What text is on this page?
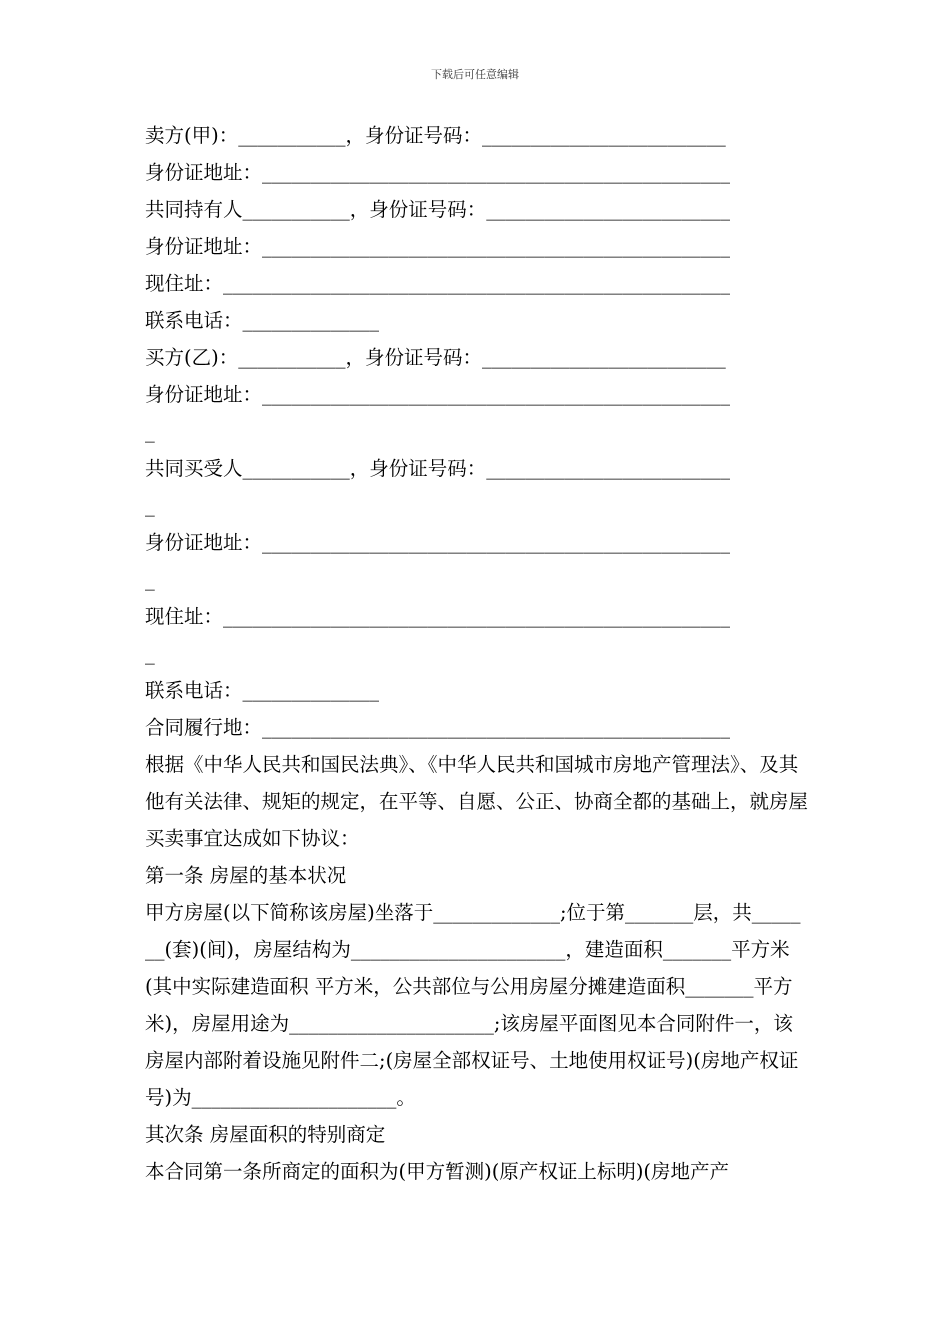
下载后可任意编辑
卖方(甲)：___________，身份证号码：_________________________
身份证地址：________________________________________________
共同持有人___________，身份证号码：_________________________
身份证地址：________________________________________________
现住址：____________________________________________________
联系电话：______________
买方(乙)：___________，身份证号码：_________________________
身份证地址：________________________________________________
_
共同买受人___________，身份证号码：_________________________
_
身份证地址：________________________________________________
_
现住址：____________________________________________________
_
联系电话：______________
合同履行地：________________________________________________
根据《中华人民共和国民法典》、《中华人民共和国城市房地产管理法》、及其他有关法律、规矩的规定，在平等、自愿、公正、协商全都的基础上，就房屋买卖事宜达成如下协议：
第一条 房屋的基本状况
甲方房屋(以下简称该房屋)坐落于_____________;位于第_______层，共_______(套)(间)，房屋结构为______________________，建造面积_______平方米(其中实际建造面积 平方米，公共部位与公用房屋分摊建造面积_______平方米)，房屋用途为_____________________;该房屋平面图见本合同附件一，该房屋内部附着设施见附件二;(房屋全部权证号、土地使用权证号)(房地产权证号)为_____________________。
其次条 房屋面积的特别商定
本合同第一条所商定的面积为(甲方暂测)(原产权证上标明)(房地产产
